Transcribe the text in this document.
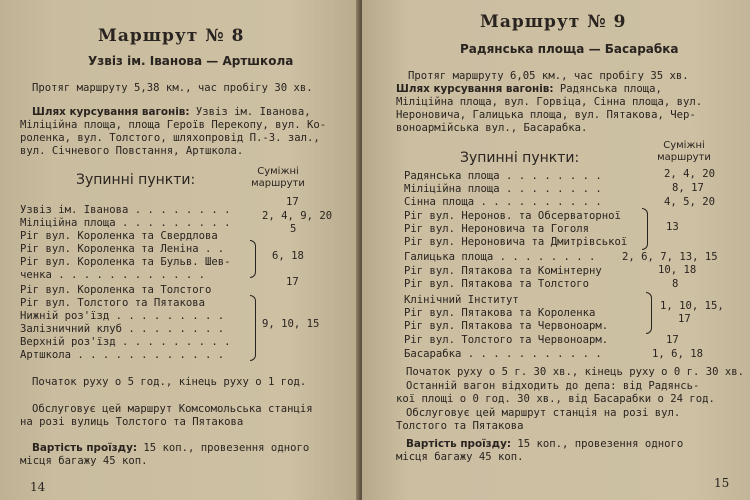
Маршрут № 8
Узвіз ім. Іванова — Артшкола
Протяг маршруту 5,38 км., час пробігу 30 хв.
Шлях курсування вагонів: Узвіз ім. Іванова,
Міліційна площа, площа Героїв Перекопу, вул. Ко-
роленка, вул. Толстого, шляхопровід П.-З. зал.,
вул. Січневого Повстання, Артшкола.
Зупинні пункти:
Суміжні
маршрути
Узвіз ім. Іванова . . . . . . . .
Міліційна площа . . . . . . . . .
Ріг вул. Короленка та Свердлова
Ріг вул. Короленка та Леніна . .
Ріг вул. Короленка та Бульв. Шев-
ченка . . . . . . . . . . . .
Ріг вул. Короленка та Толстого
Ріг вул. Толстого та Пятакова
Нижній роз'їзд . . . . . . . . .
Залізничний клуб . . . . . . . .
Верхній роз'їзд . . . . . . . . .
Артшкола . . . . . . . . . . . .
17
2, 4, 9, 20
5
6, 18
17
9, 10, 15
Початок руху о 5 год., кінець руху о 1 год.
Обслуговує цей маршрут Комсомольська станція
на розі вулиць Толстого та Пятакова
Вартість проїзду: 15 коп., провезення одного
місця багажу 45 коп.
14
Маршрут № 9
Радянська площа — Басарабка
Протяг маршруту 6,05 км., час пробігу 35 хв.
Шлях курсування вагонів: Радянська площа,
Міліційна площа, вул. Горвіца, Сінна площа, вул.
Нероновича, Галицька площа, вул. Пятакова, Чер-
воноармійська вул., Басарабка.
Зупинні пункти:
Суміжні
маршрути
Радянська площа . . . . . . . .
Міліційна площа . . . . . . . .
Сінна площа . . . . . . . . . .
Ріг вул. Неронов. та Обсерваторної
Ріг вул. Нероновича та Гоголя
Ріг вул. Нероновича та Дмитрівської
Галицька площа . . . . . . . .
Ріг вул. Пятакова та Комінтерну
Ріг вул. Пятакова та Толстого
Клінічний Інститут
Ріг вул. Пятакова та Короленка
Ріг вул. Пятакова та Червоноарм.
Ріг вул. Толстого та Червоноарм.
Басарабка . . . . . . . . . . .
2, 4, 20
8, 17
4, 5, 20
13
2, 6, 7, 13, 15
10, 18
8
1, 10, 15,
17
17
1, 6, 18
Початок руху о 5 г. 30 хв., кінець руху о 0 г. 30 хв.
Останній вагон відходить до депа: від Радянсь-
кої площі о 0 год. 30 хв., від Басарабки о 24 год.
Обслуговує цей маршрут станція на розі вул.
Толстого та Пятакова
Вартість проїзду: 15 коп., провезення одного
місця багажу 45 коп.
15
